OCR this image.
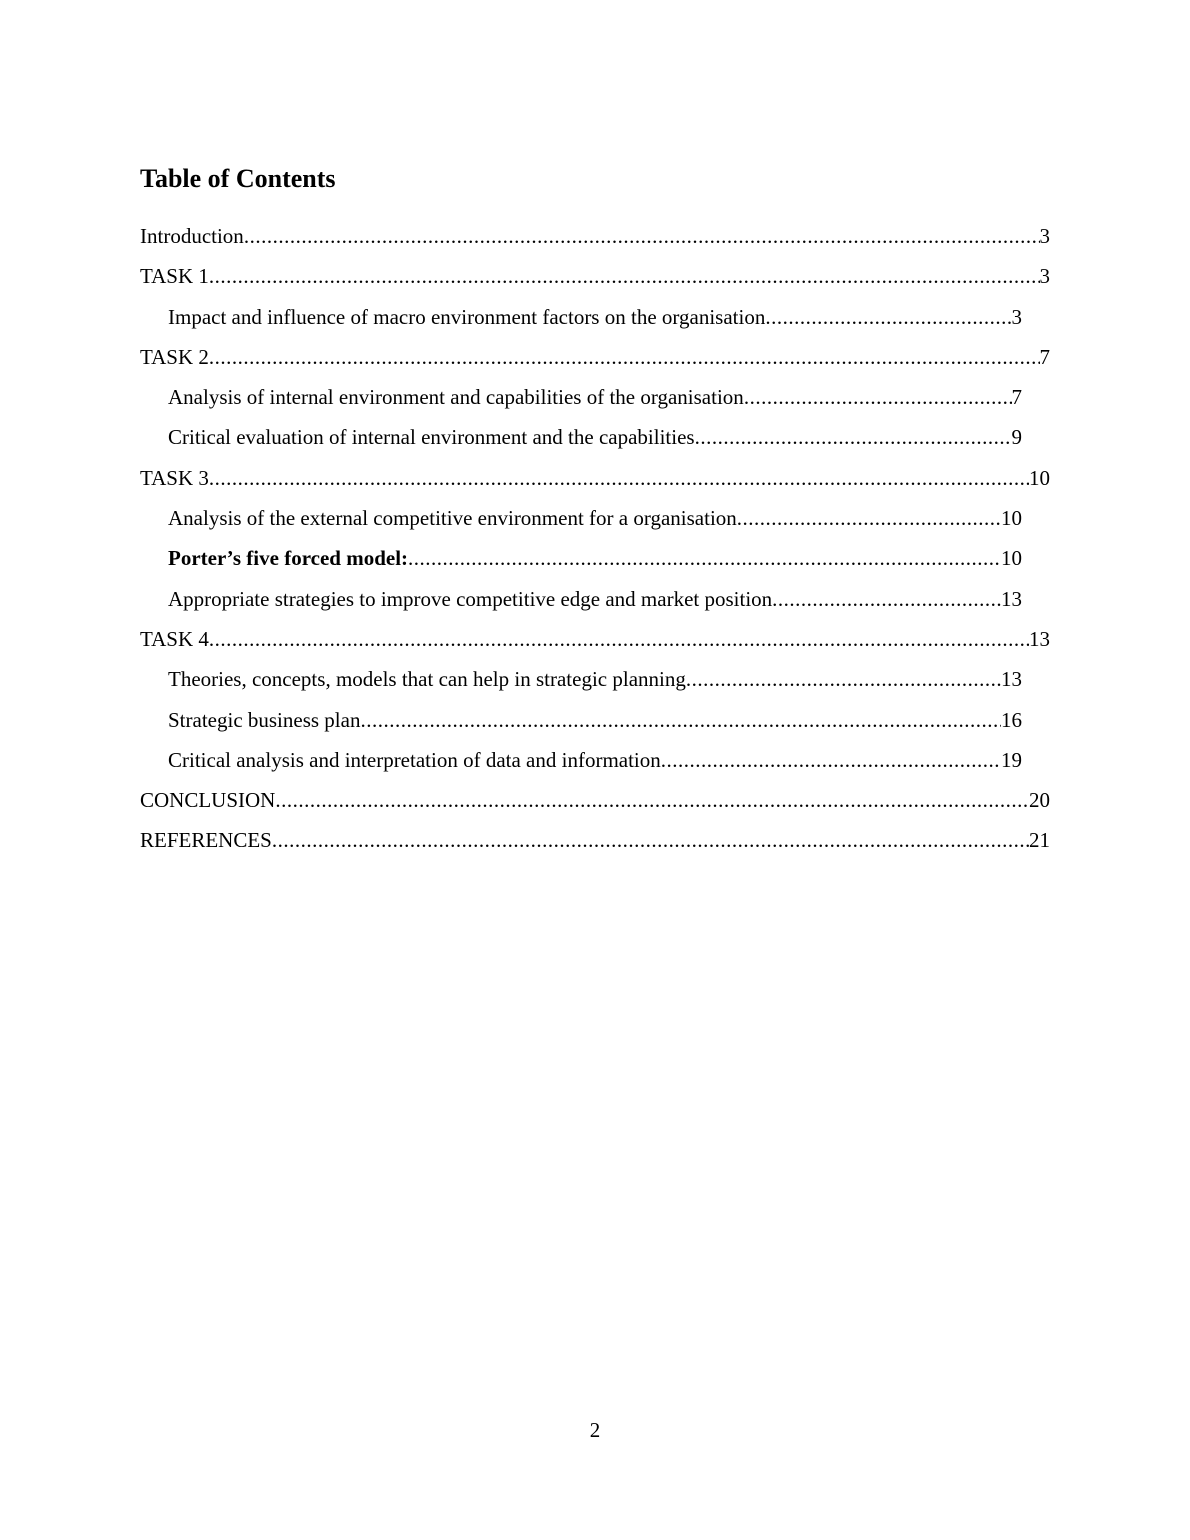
Table of Contents
Introduction .....	3
TASK 1 .....	3
Impact and influence of macro environment factors on the organisation .....	3
TASK 2 .....	7
Analysis of internal environment and capabilities of the organisation .....	7
Critical evaluation of internal environment and the capabilities .....	9
TASK 3 .....	10
Analysis of the external competitive environment for a organisation .....	10
Porter’s five forced model: .....	10
Appropriate strategies to improve competitive edge and market position .....	13
TASK 4 .....	13
Theories, concepts, models that can help in strategic planning .....	13
Strategic business plan .....	16
Critical analysis and interpretation of data and information .....	19
CONCLUSION .....	20
REFERENCES .....	21
2
